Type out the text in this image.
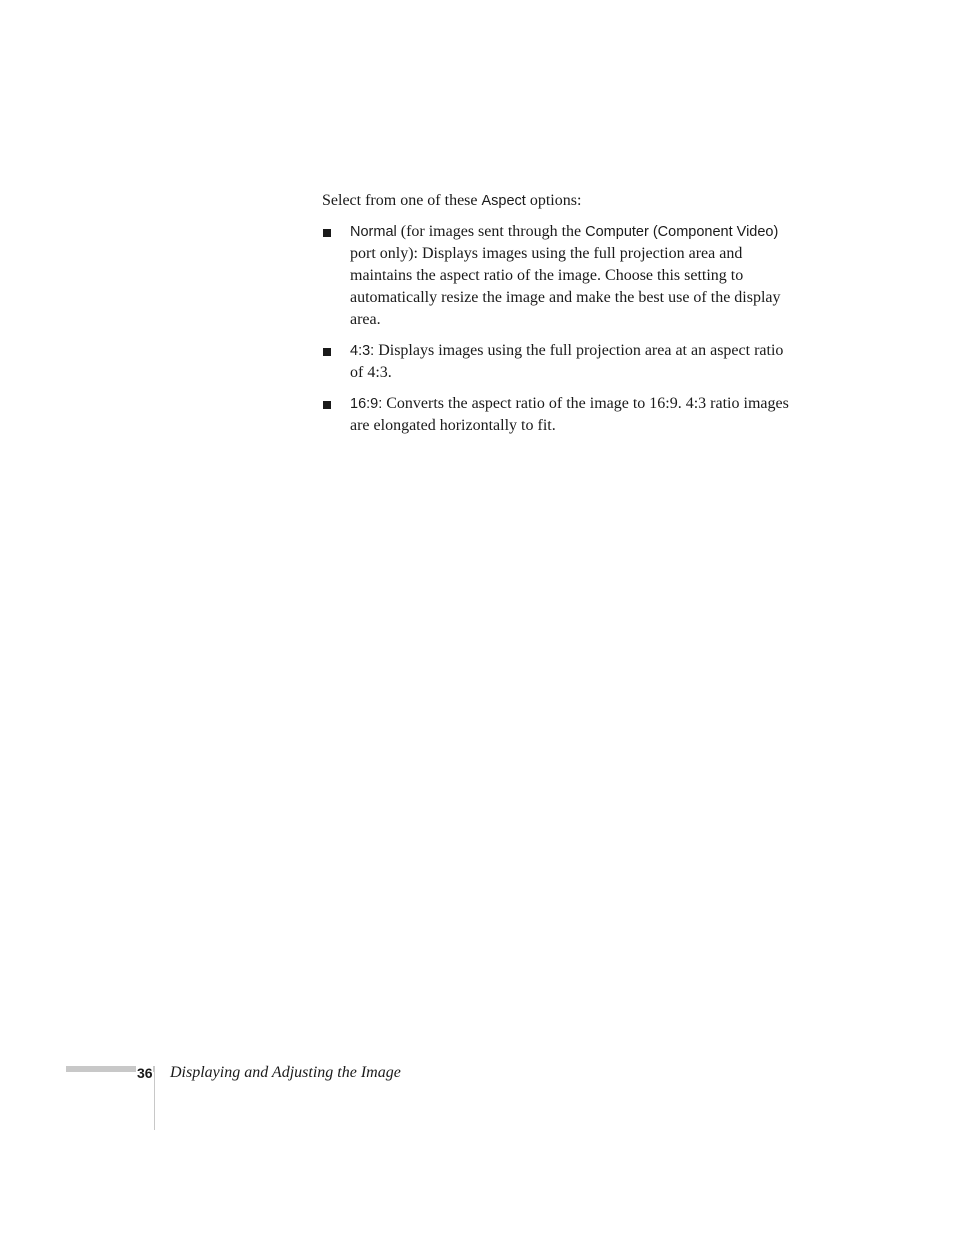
Select from one of these Aspect options:

Normal (for images sent through the Computer (Component Video) port only): Displays images using the full projection area and maintains the aspect ratio of the image. Choose this setting to automatically resize the image and make the best use of the display area.
4:3: Displays images using the full projection area at an aspect ratio of 4:3.
16:9: Converts the aspect ratio of the image to 16:9. 4:3 ratio images are elongated horizontally to fit.
36 Displaying and Adjusting the Image
